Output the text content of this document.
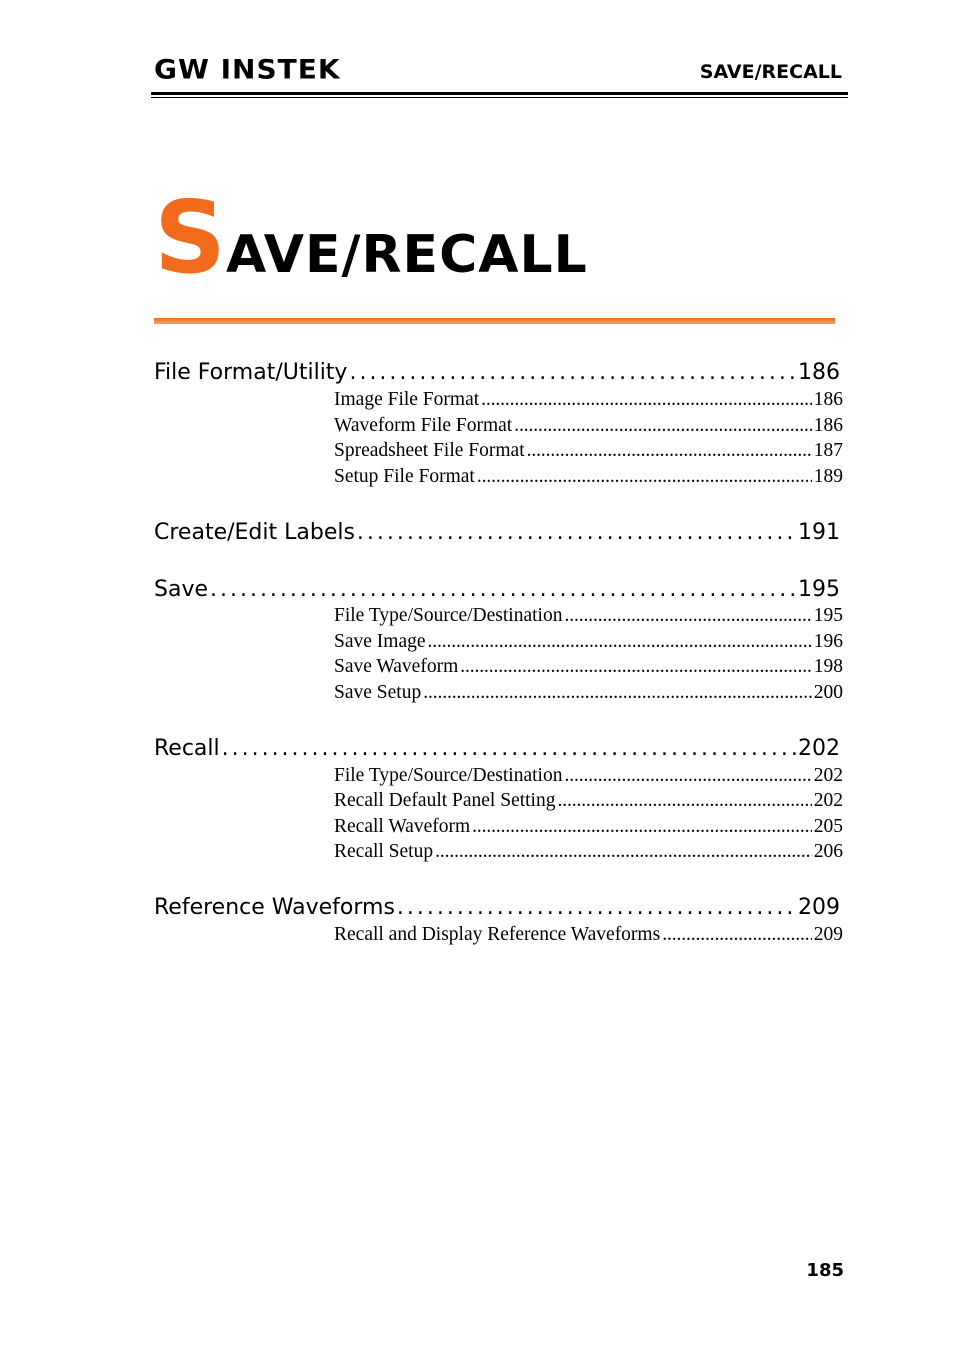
GW INSTEK	SAVE/RECALL
SAVE/RECALL
File Format/Utility . . .	186
Image File Format . . .	186
Waveform File Format . . .	186
Spreadsheet File Format . . .	187
Setup File Format . . .	189
Create/Edit Labels . . .	191
Save . . .	195
File Type/Source/Destination . . .	195
Save Image . . .	196
Save Waveform . . .	198
Save Setup . . .	200
Recall . . .	202
File Type/Source/Destination . . .	202
Recall Default Panel Setting . . .	202
Recall Waveform . . .	205
Recall Setup . . .	206
Reference Waveforms . . .	209
Recall and Display Reference Waveforms . . .	209
185
